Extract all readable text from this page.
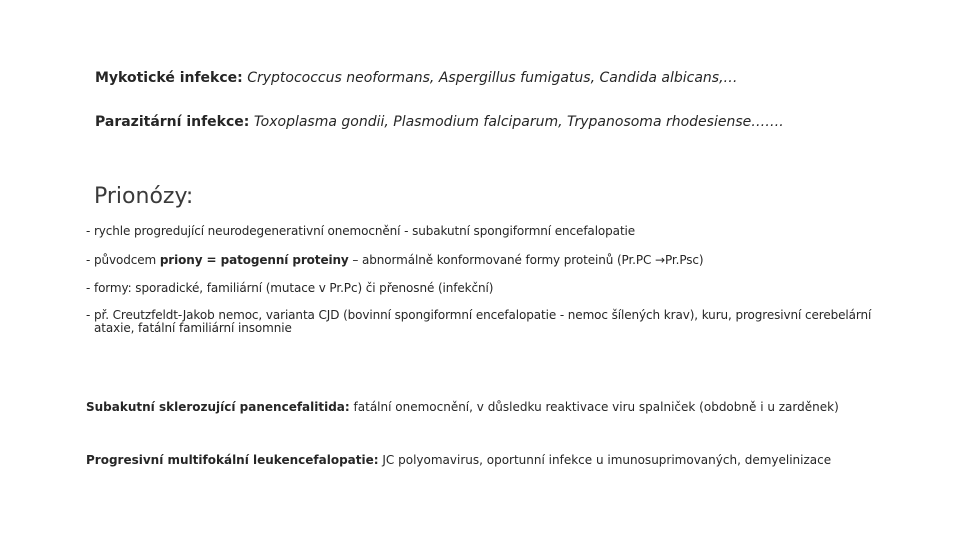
Mykotické infekce: Cryptococcus neoformans, Aspergillus fumigatus, Candida albicans,…
Parazitární infekce: Toxoplasma gondii, Plasmodium falciparum, Trypanosoma rhodesiense…….
Prionózy:
- rychle progredující neurodegenerativní onemocnění - subakutní spongiformní encefalopatie
- původcem priony = patogenní proteiny – abnormálně konformované formy proteinů (Pr.PC →Pr.Psc)
- formy: sporadické, familiární (mutace v Pr.Pc) či přenosné (infekční)
- př. Creutzfeldt-Jakob nemoc, varianta CJD (bovinní spongiformní encefalopatie - nemoc šílených krav), kuru, progresivní cerebelární
ataxie, fatální familiární insomnie
Subakutní sklerozující panencefalitida: fatální onemocnění, v důsledku reaktivace viru spalniček (obdobně i u zarděnek)
Progresivní multifokální leukencefalopatie: JC polyomavirus, oportunní infekce u imunosuprimovaných, demyelinizace
